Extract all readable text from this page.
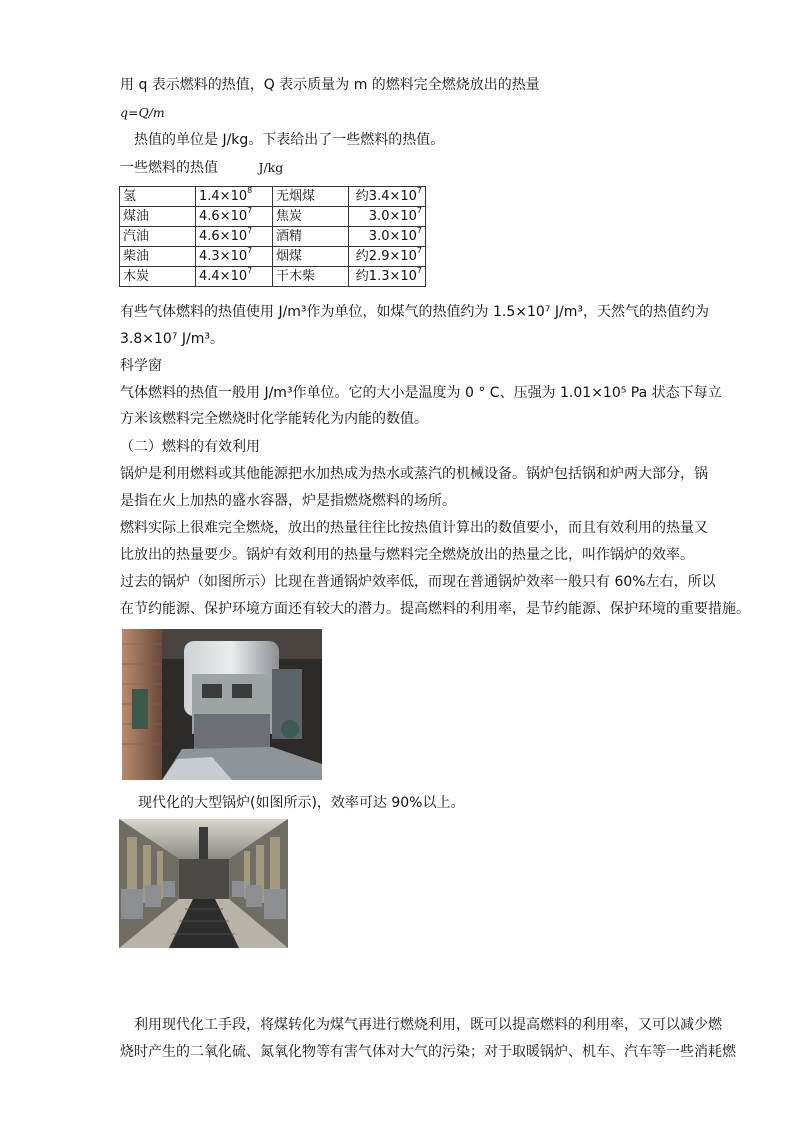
用 q 表示燃料的热值，Q 表示质量为 m 的燃料完全燃烧放出的热量
q=Q/m
热值的单位是 J/kg。下表给出了一些燃料的热值。
一些燃料的热值	J/kg
氢	$1.4\times 10^8$	无烟煤	约$3.4\times 10^7$
煤油	$4.6\times 10^7$	焦炭	$3.0\times 10^7$
汽油	$4.6\times 10^7$	酒精	$3.0\times 10^7$
柴油	$4.3\times 10^7$	烟煤	约$2.9\times 10^7$
木炭	$4.4\times 10^7$	干木柴	约$1.3\times 10^7$
有些气体燃料的热值使用 J/m³作为单位，如煤气的热值约为 1.5×10⁷ J/m³，天然气的热值约为
3.8×10⁷ J/m³。
科学窗
气体燃料的热值一般用 J/m³作单位。它的大小是温度为 0 ° C、压强为 1.01×10⁵ Pa 状态下每立
方米该燃料完全燃烧时化学能转化为内能的数值。
（二）燃料的有效利用
锅炉是利用燃料或其他能源把水加热成为热水或蒸汽的机械设备。锅炉包括锅和炉两大部分，锅
是指在火上加热的盛水容器，炉是指燃烧燃料的场所。
燃料实际上很难完全燃烧，放出的热量往往比按热值计算出的数值要小，而且有效利用的热量又
比放出的热量要少。锅炉有效利用的热量与燃料完全燃烧放出的热量之比，叫作锅炉的效率。
过去的锅炉（如图所示）比现在普通锅炉效率低，而现在普通锅炉效率一般只有 60%左右，所以
在节约能源、保护环境方面还有较大的潜力。提高燃料的利用率，是节约能源、保护环境的重要措施。
现代化的大型锅炉(如图所示)，效率可达 90%以上。
利用现代化工手段，将煤转化为煤气再进行燃烧利用，既可以提高燃料的利用率，又可以减少燃
烧时产生的二氧化硫、氮氧化物等有害气体对大气的污染；对于取暖锅炉、机车、汽车等一些消耗燃
